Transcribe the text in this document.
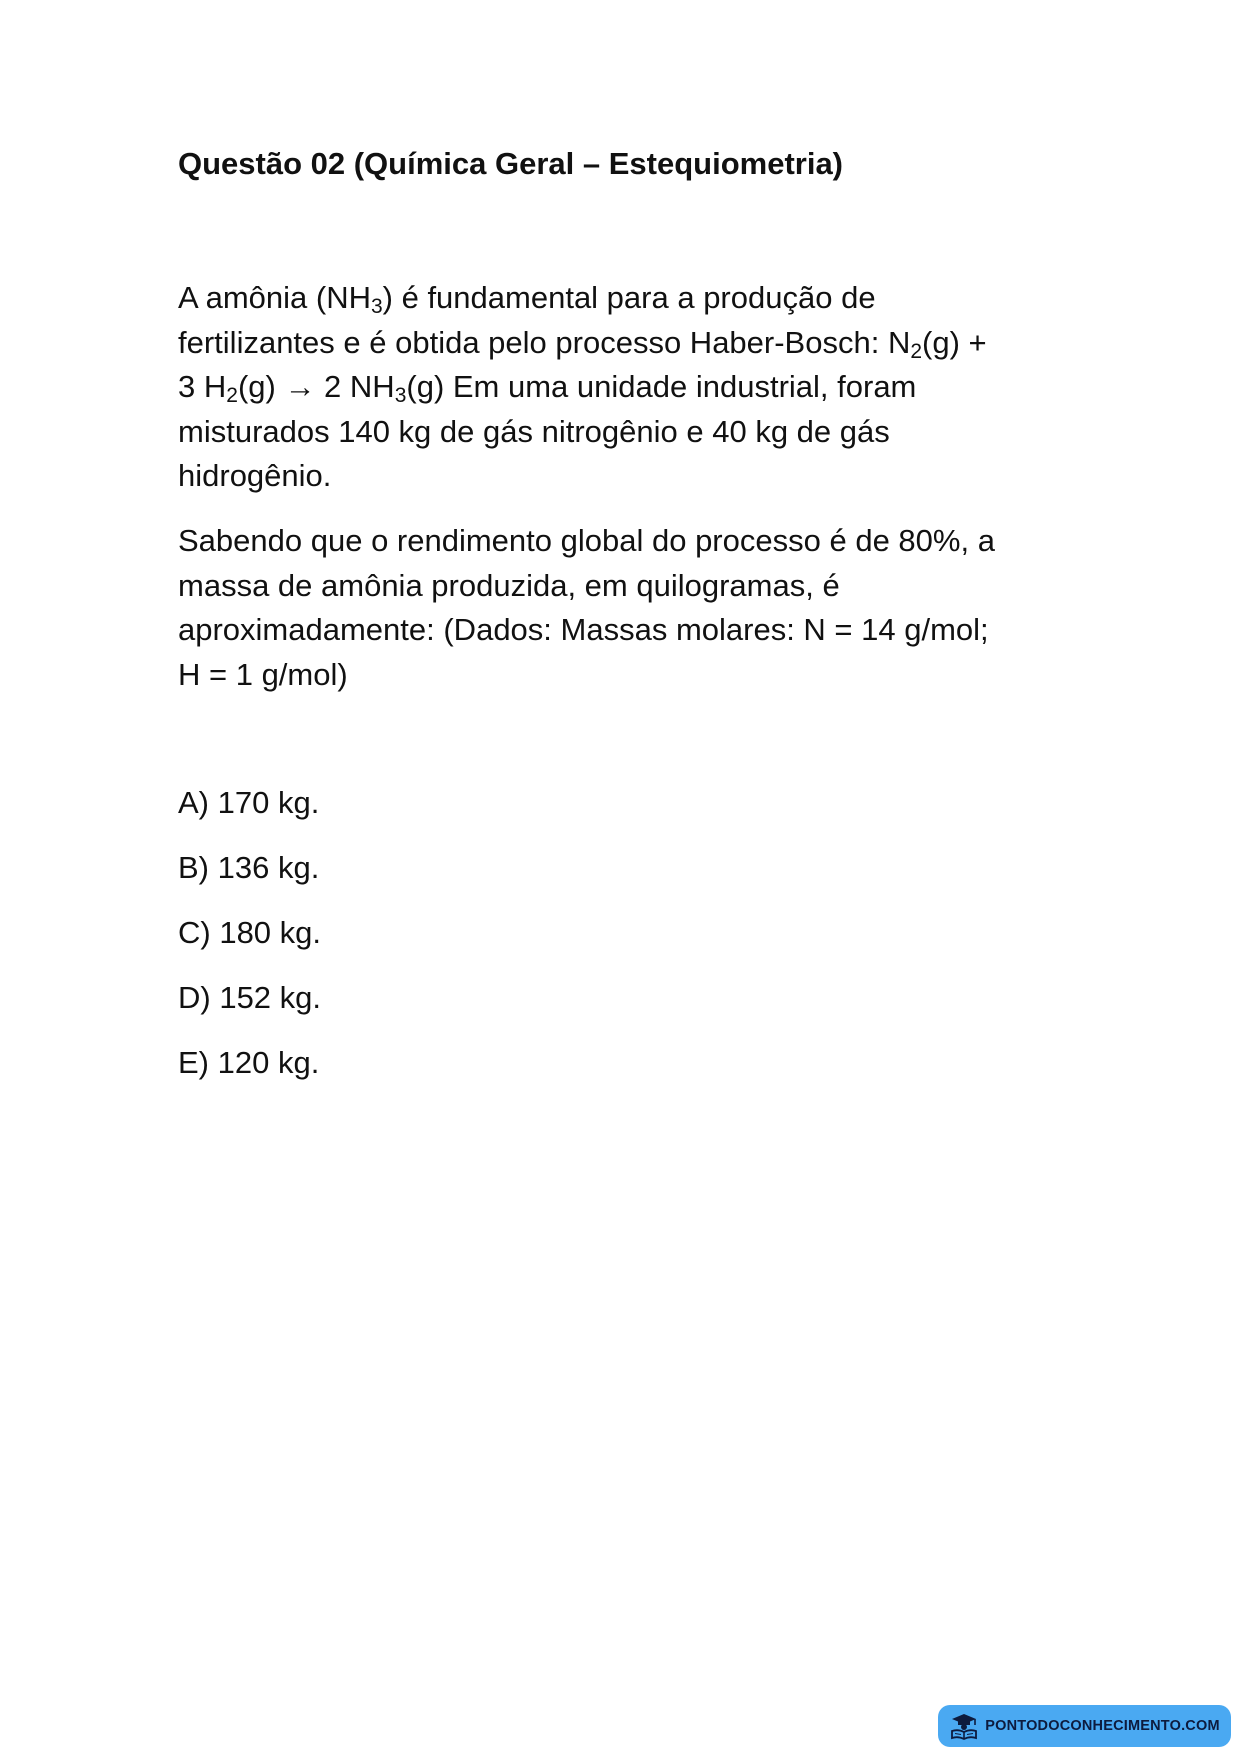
Questão 02 (Química Geral – Estequiometria)

A amônia $(NH_3)$ é fundamental para a produção de
fertilizantes e é obtida pelo processo Haber-Bosch: $N_2(g)$ +
3 $H_2(g) \to 2$ $NH_3(g)$ Em uma unidade industrial, foram
misturados 140 kg de gás nitrogênio e 40 kg de gás
hidrogênio.

Sabendo que o rendimento global do processo é de 80%, a
massa de amônia produzida, em quilogramas, é
aproximadamente: (Dados: Massas molares: N = 14 g/mol;
H = 1 g/mol)

A) 170 kg.
B) 136 kg.
C) 180 kg.
D) 152 kg.
E) 120 kg.
PONTODOCONHECIMENTO.COM
